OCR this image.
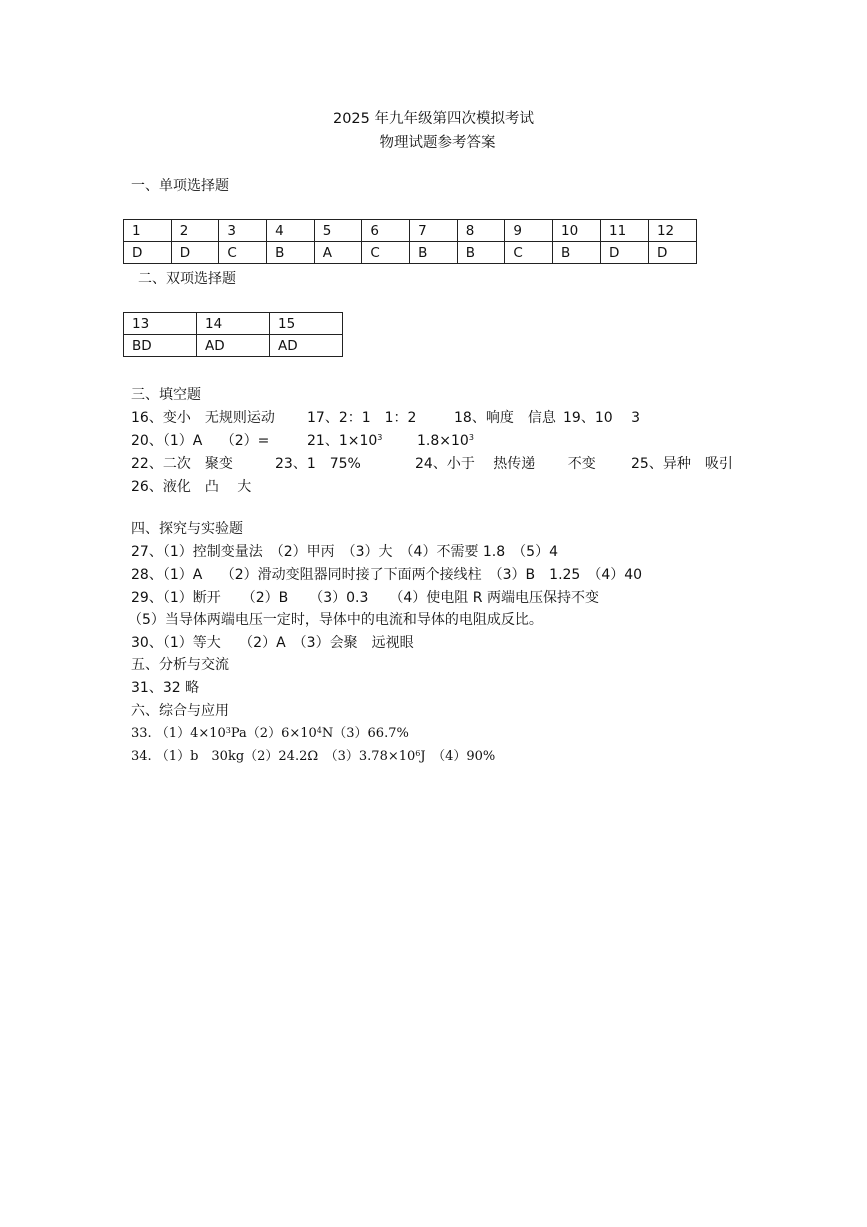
2025 年九年级第四次模拟考试
物理试题参考答案
一、单项选择题
1	2	3	4	5	6	7	8	9	10	11	12
D	D	C	B	A	C	B	B	C	B	D	D
二、双项选择题
13	14	15
BD	AD	AD
三、填空题
16、变小　无规则运动 17、2：1　1：2	18、响度　信息 19、10　 3
20、（1）A　 （2）=	21、$1\times 10^3$ $1.8\times 10^3$
22、二次　聚变	23、1　75%	24、小于　 热传递　 　不变	25、异种　吸引
26、液化　凸　 大
四、探究与实验题
27、（1）控制变量法　（2）甲丙　（3）大　（4）不需要 1.8　（5）4
28、（1）A　 （2）滑动变阻器同时接了下面两个接线柱　（3）B　1.25　（4）40
29、（1）断开　　（2）B　　（3）0.3　　（4）使电阻 R 两端电压保持不变
（5）当导体两端电压一定时，导体中的电流和导体的电阻成反比。
30、（1）等大　 （2）A　（3）会聚　远视眼
五、分析与交流
31、32 略
六、综合与应用
33. $(1)4\times 10^3Pa(2)6\times 10^4N(3)66.7\%$
34. （1）b　30kg（2）24.2Ω　$(3)3.78\times 10^6J$　（4）90%
